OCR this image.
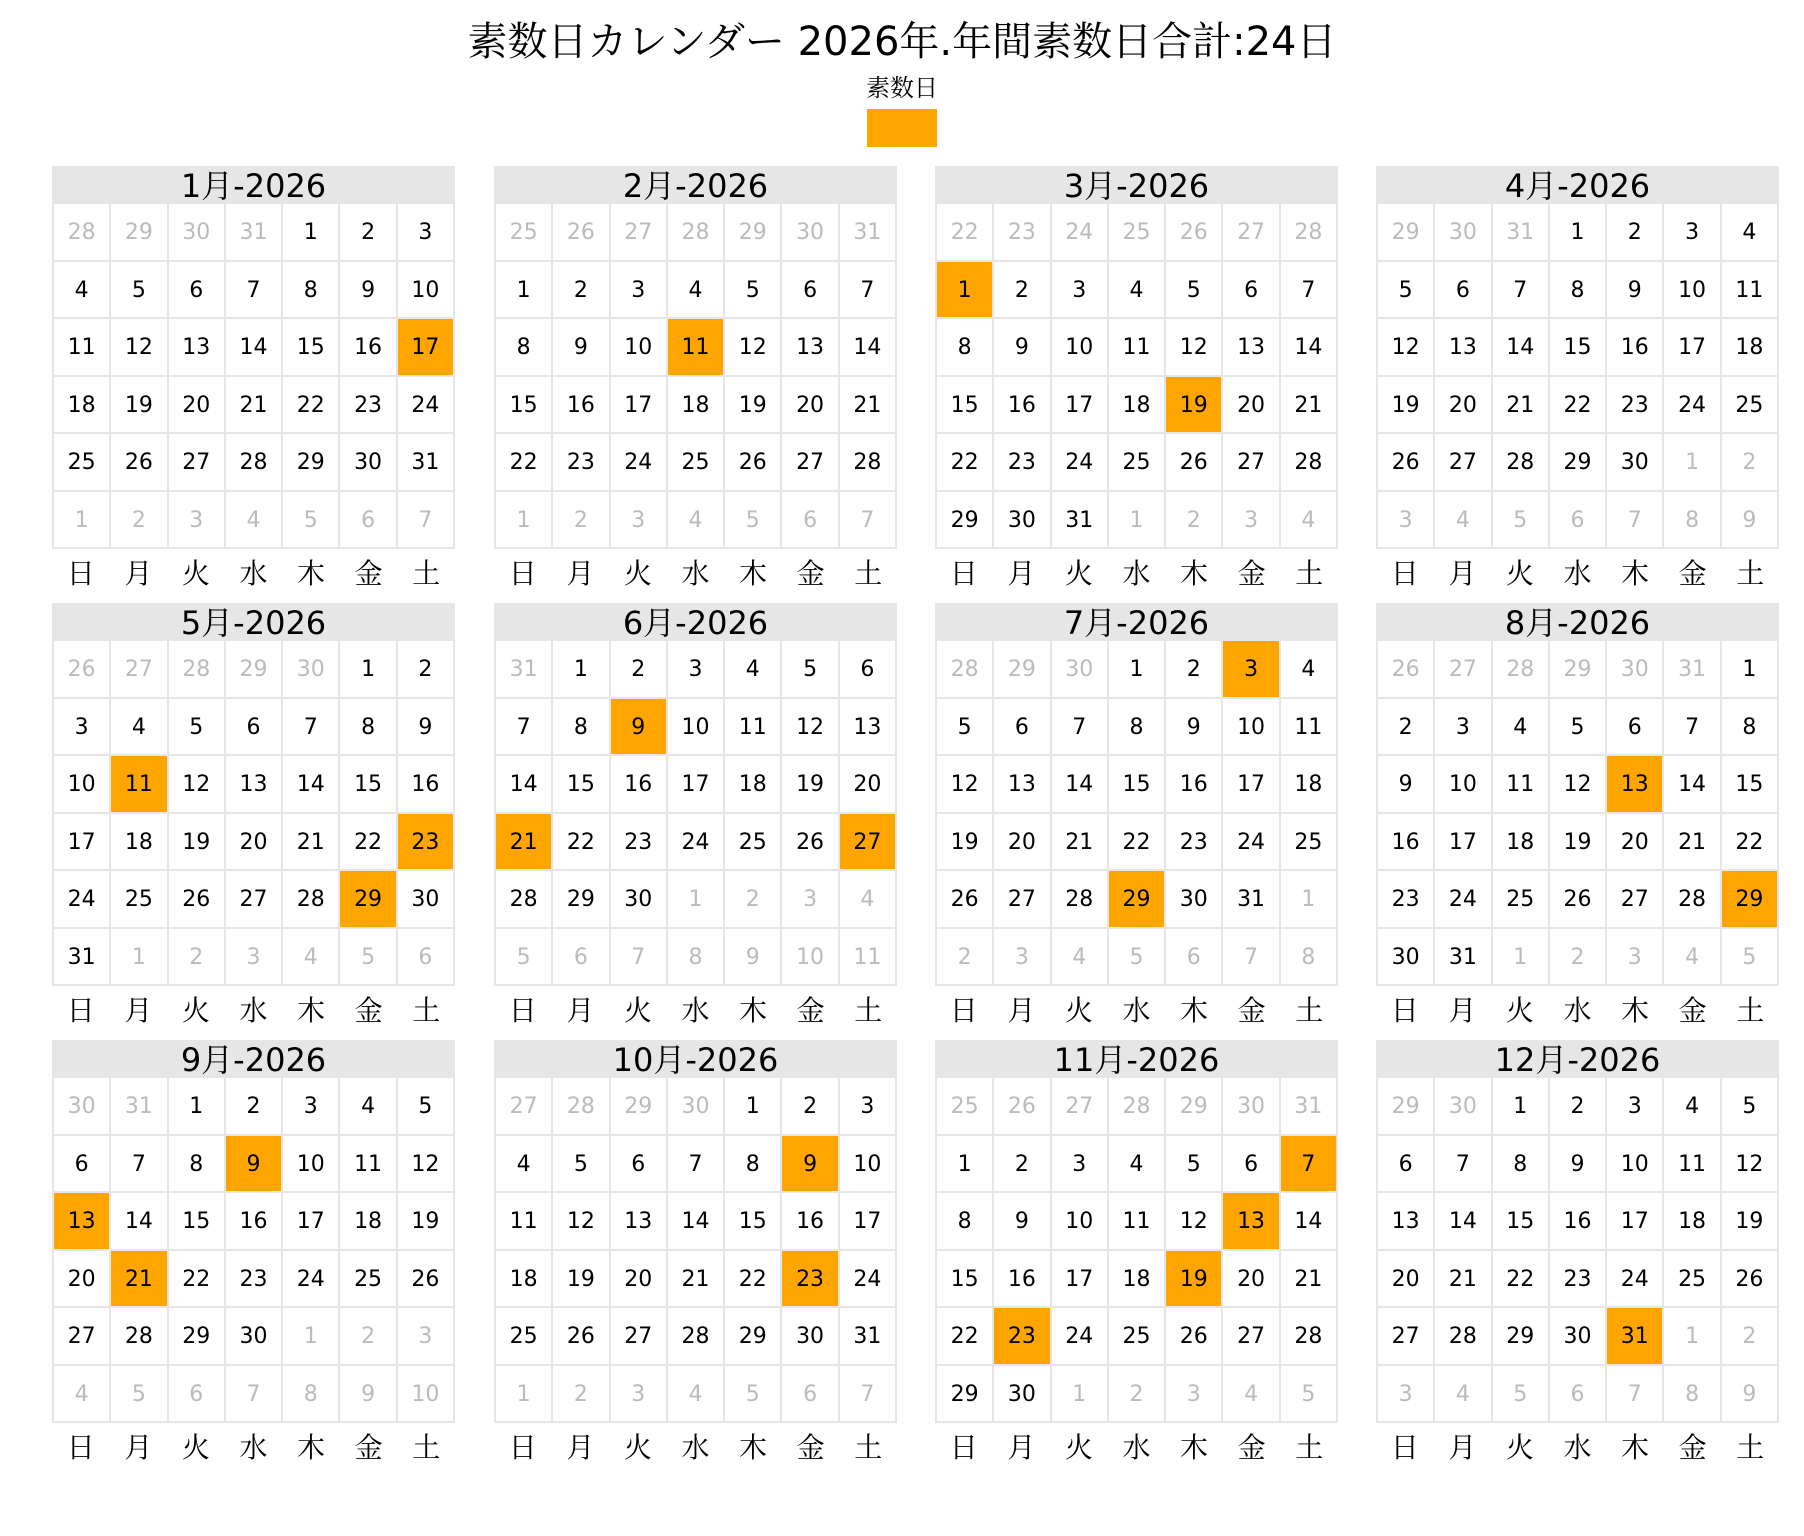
素数日カレンダー 2026年.年間素数日合計:24日
素数日
1月-2026
28	29	30	31	1	2	3
4	5	6	7	8	9	10
11	12	13	14	15	16	17
18	19	20	21	22	23	24
25	26	27	28	29	30	31
1	2	3	4	5	6	7
日	月	火	水	木	金	土
2月-2026
25	26	27	28	29	30	31
1	2	3	4	5	6	7
8	9	10	11	12	13	14
15	16	17	18	19	20	21
22	23	24	25	26	27	28
1	2	3	4	5	6	7
日	月	火	水	木	金	土
3月-2026
22	23	24	25	26	27	28
1	2	3	4	5	6	7
8	9	10	11	12	13	14
15	16	17	18	19	20	21
22	23	24	25	26	27	28
29	30	31	1	2	3	4
日	月	火	水	木	金	土
4月-2026
29	30	31	1	2	3	4
5	6	7	8	9	10	11
12	13	14	15	16	17	18
19	20	21	22	23	24	25
26	27	28	29	30	1	2
3	4	5	6	7	8	9
日	月	火	水	木	金	土
5月-2026
26	27	28	29	30	1	2
3	4	5	6	7	8	9
10	11	12	13	14	15	16
17	18	19	20	21	22	23
24	25	26	27	28	29	30
31	1	2	3	4	5	6
日	月	火	水	木	金	土
6月-2026
31	1	2	3	4	5	6
7	8	9	10	11	12	13
14	15	16	17	18	19	20
21	22	23	24	25	26	27
28	29	30	1	2	3	4
5	6	7	8	9	10	11
日	月	火	水	木	金	土
7月-2026
28	29	30	1	2	3	4
5	6	7	8	9	10	11
12	13	14	15	16	17	18
19	20	21	22	23	24	25
26	27	28	29	30	31	1
2	3	4	5	6	7	8
日	月	火	水	木	金	土
8月-2026
26	27	28	29	30	31	1
2	3	4	5	6	7	8
9	10	11	12	13	14	15
16	17	18	19	20	21	22
23	24	25	26	27	28	29
30	31	1	2	3	4	5
日	月	火	水	木	金	土
9月-2026
30	31	1	2	3	4	5
6	7	8	9	10	11	12
13	14	15	16	17	18	19
20	21	22	23	24	25	26
27	28	29	30	1	2	3
4	5	6	7	8	9	10
日	月	火	水	木	金	土
10月-2026
27	28	29	30	1	2	3
4	5	6	7	8	9	10
11	12	13	14	15	16	17
18	19	20	21	22	23	24
25	26	27	28	29	30	31
1	2	3	4	5	6	7
日	月	火	水	木	金	土
11月-2026
25	26	27	28	29	30	31
1	2	3	4	5	6	7
8	9	10	11	12	13	14
15	16	17	18	19	20	21
22	23	24	25	26	27	28
29	30	1	2	3	4	5
日	月	火	水	木	金	土
12月-2026
29	30	1	2	3	4	5
6	7	8	9	10	11	12
13	14	15	16	17	18	19
20	21	22	23	24	25	26
27	28	29	30	31	1	2
3	4	5	6	7	8	9
日	月	火	水	木	金	土
